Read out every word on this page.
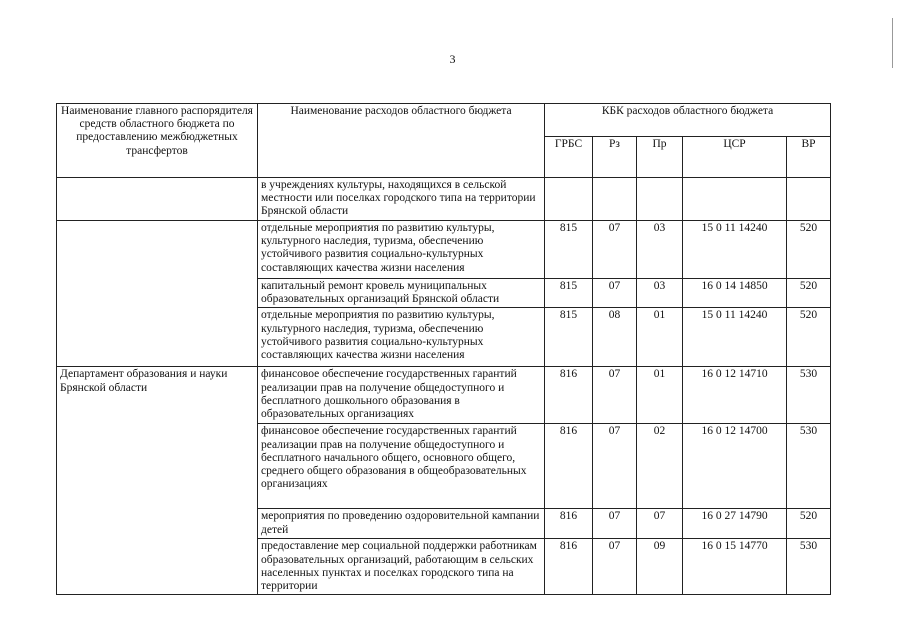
3
Наименование главного распорядителя средств областного бюджета по предоставлению межбюджетных трансфертов	Наименование расходов областного бюджета	КБК расходов областного бюджета				
		ГРБС	Рз	Пр	ЦСР	ВР
	в учреждениях культуры, находящихся в сельской местности или поселках городского типа на территории Брянской области					
	отдельные мероприятия по развитию культуры, культурного наследия, туризма, обеспечению устойчивого развития социально-культурных составляющих качества жизни населения	815	07	03	15 0 11 14240	520
	капитальный ремонт кровель муниципальных образовательных организаций Брянской области	815	07	03	16 0 14 14850	520
	отдельные мероприятия по развитию культуры, культурного наследия, туризма, обеспечению устойчивого развития социально-культурных составляющих качества жизни населения	815	08	01	15 0 11 14240	520
Департамент образования и науки Брянской области	финансовое обеспечение государственных гарантий реализации прав на получение общедоступного и бесплатного дошкольного образования в образовательных организациях	816	07	01	16 0 12 14710	530
	финансовое обеспечение государственных гарантий реализации прав на получение общедоступного и бесплатного начального общего, основного общего, среднего общего образования в общеобразовательных организациях	816	07	02	16 0 12 14700	530
	мероприятия по проведению оздоровительной кампании детей	816	07	07	16 0 27 14790	520
	предоставление мер социальной поддержки работникам образовательных организаций, работающим в сельских населенных пунктах и поселках городского типа на территории	816	07	09	16 0 15 14770	530
